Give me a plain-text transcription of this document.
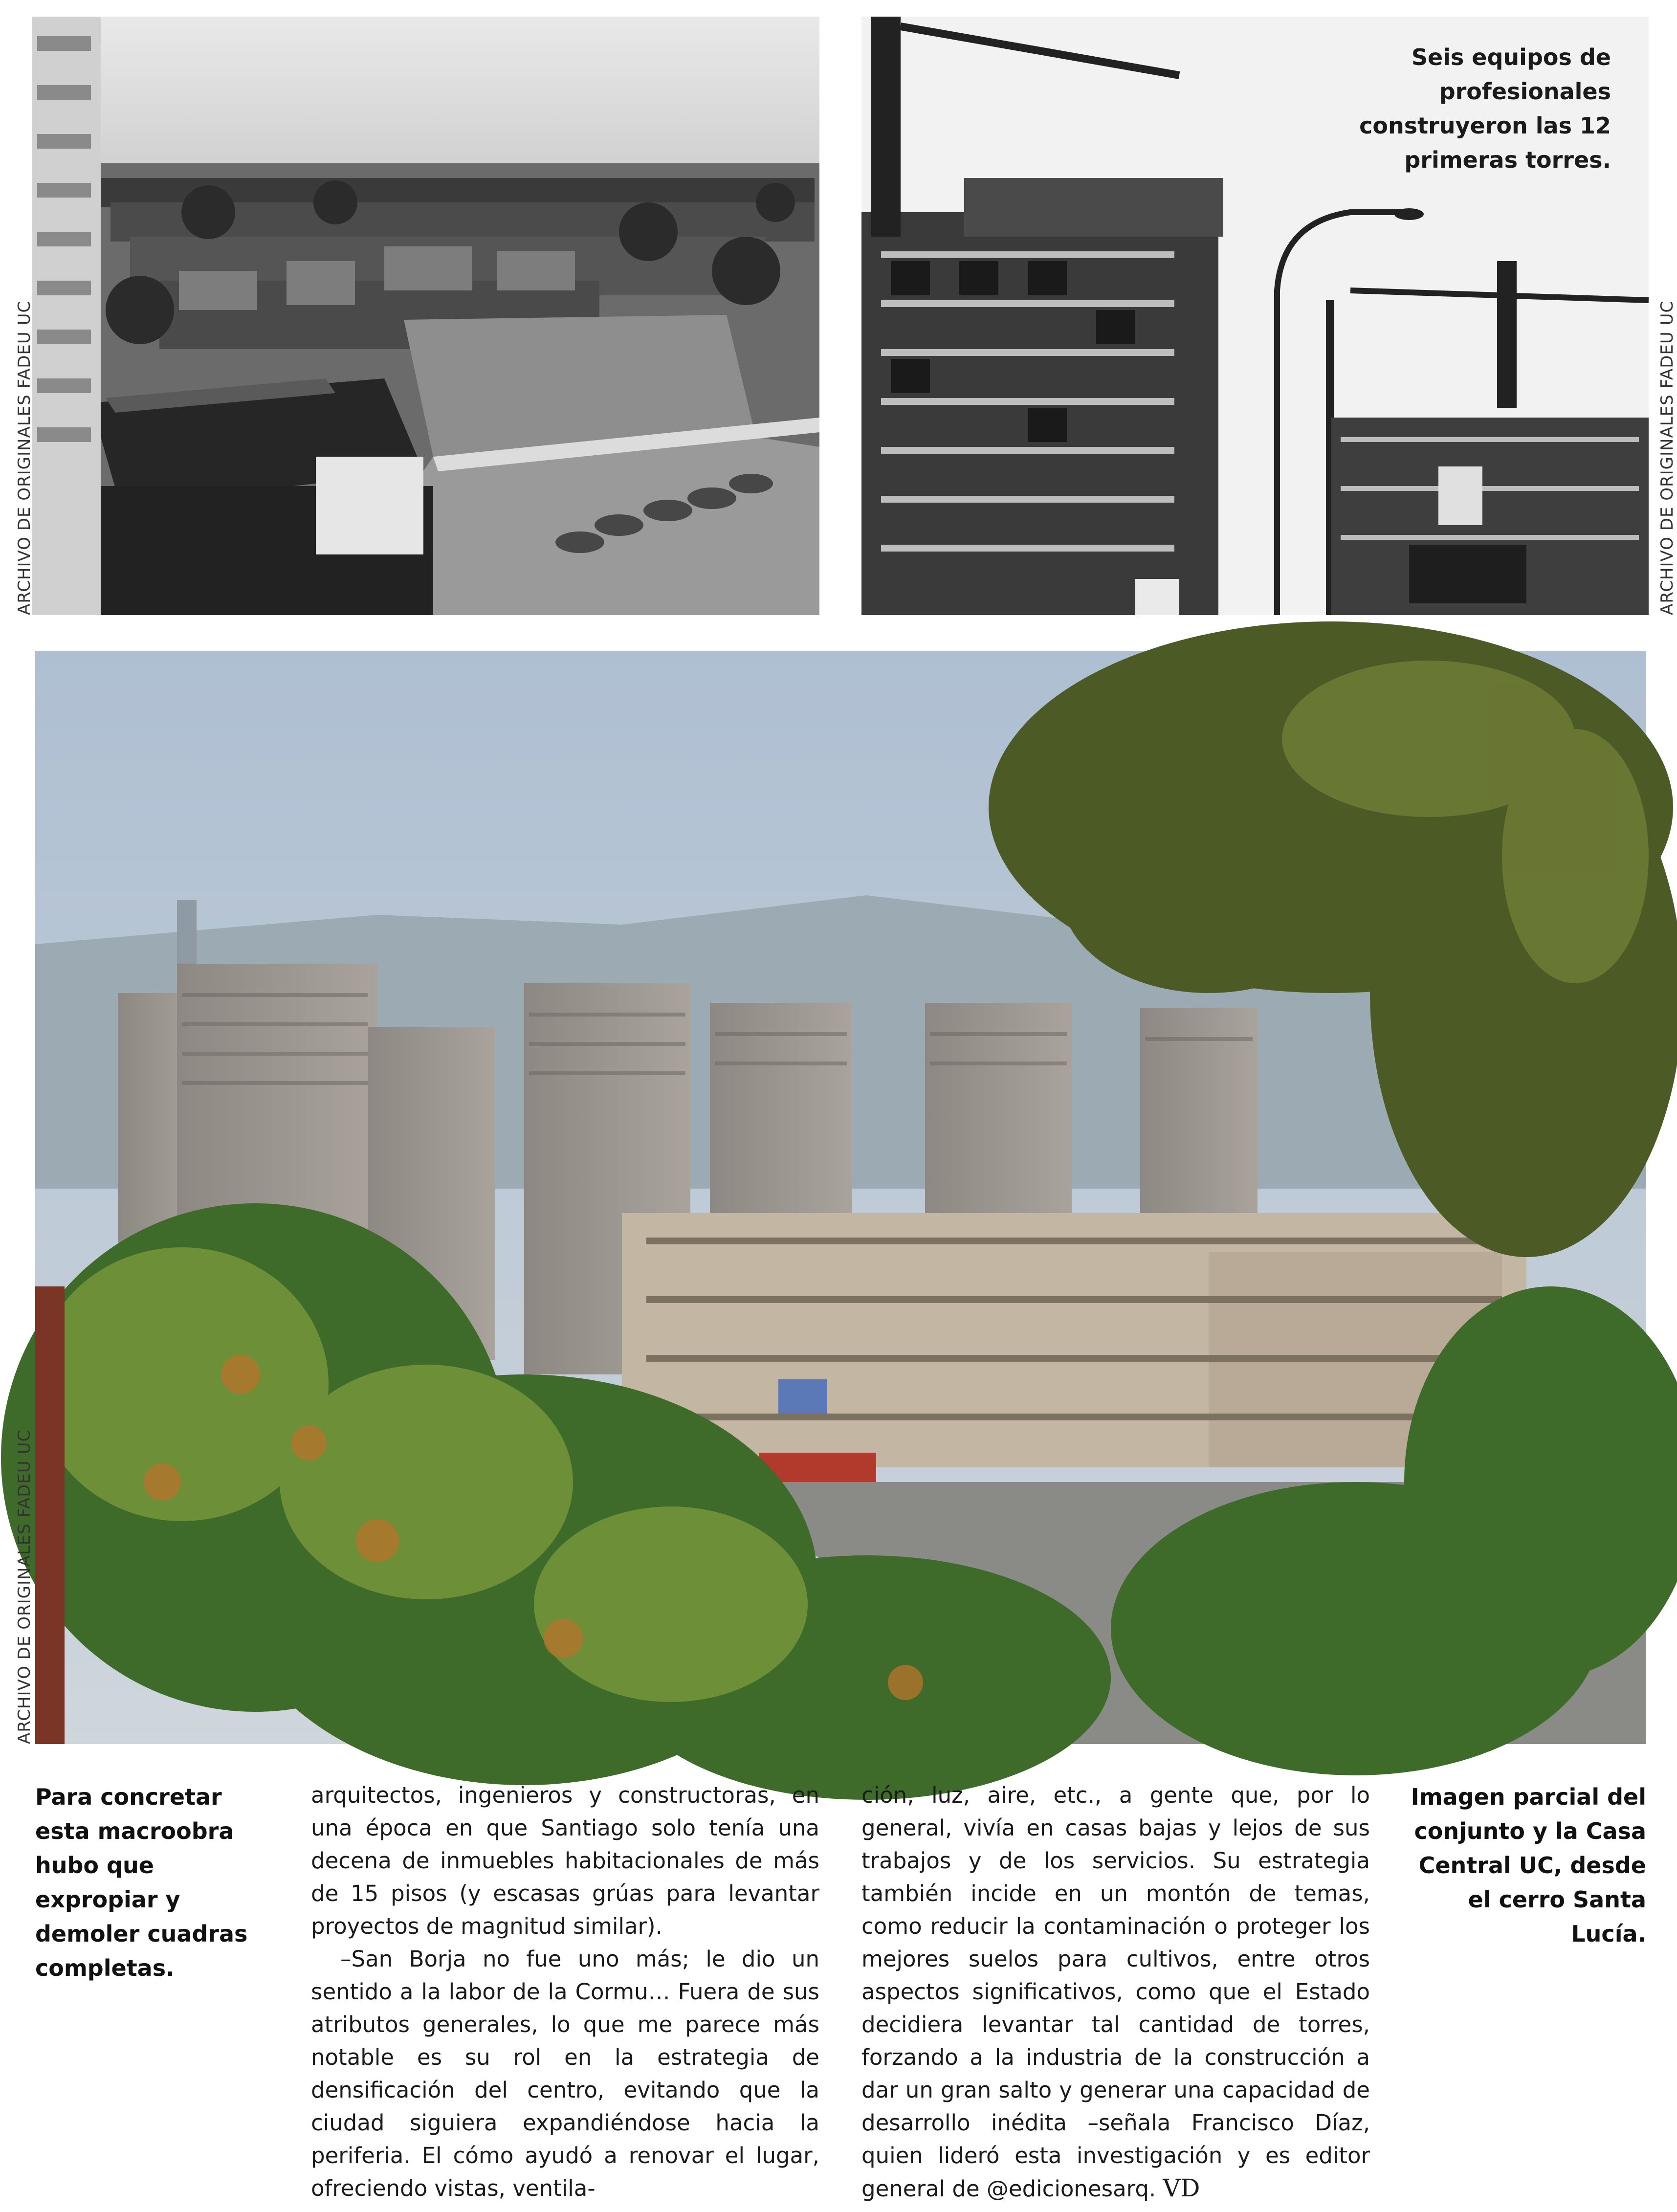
ARCHIVO DE ORIGINALES FADEU UC	ARCHIVO DE ORIGINALES FADEU UC
ARCHIVO DE ORIGINALES FADEU UC
Seis equipos de profesionales construyeron las 12 primeras torres.
Para concretar esta macroobra hubo que expropiar y demoler cuadras completas.
Imagen parcial del conjunto y la Casa Central UC, desde el cerro Santa Lucía.

arquitectos, ingenieros y constructoras, en una época en que Santiago solo tenía una decena de inmuebles habitacionales de más de 15 pisos (y escasas grúas para levantar proyectos de magnitud similar).

–San Borja no fue uno más; le dio un sentido a la labor de la Cormu… Fuera de sus atributos generales, lo que me parece más notable es su rol en la estrategia de densificación del centro, evitando que la ciudad siguiera expandiéndose hacia la periferia. El cómo ayudó a renovar el lugar, ofreciendo vistas, ventila-

ción, luz, aire, etc., a gente que, por lo general, vivía en casas bajas y lejos de sus trabajos y de los servicios. Su estrategia también incide en un montón de temas, como reducir la contaminación o proteger los mejores suelos para cultivos, entre otros aspectos significativos, como que el Estado decidiera levantar tal cantidad de torres, forzando a la industria de la construcción a dar un gran salto y generar una capacidad de desarrollo inédita –señala Francisco Díaz, quien lideró esta investigación y es editor general de @edicionesarq. VD
